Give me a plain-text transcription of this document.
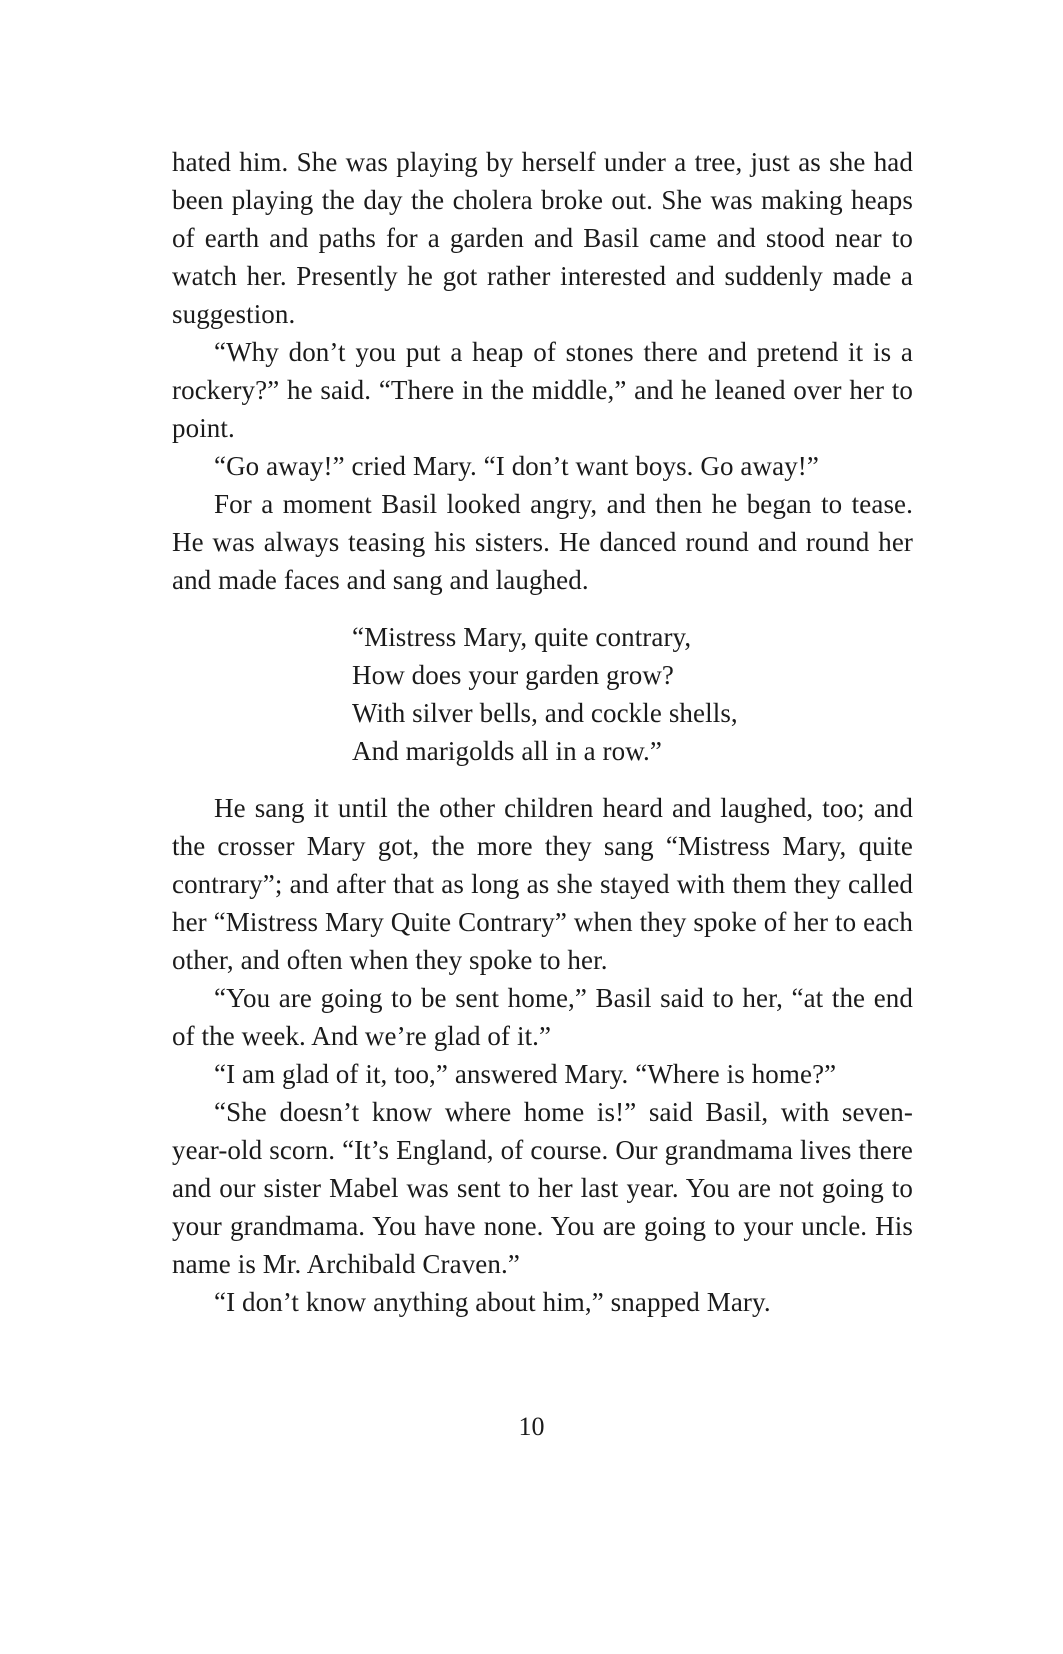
hated him. She was playing by herself under a tree, just as she had been playing the day the cholera broke out. She was making heaps of earth and paths for a garden and Basil came and stood near to watch her. Presently he got rather interested and suddenly made a suggestion.

“Why don’t you put a heap of stones there and pretend it is a rockery?” he said. “There in the middle,” and he leaned over her to point.

“Go away!” cried Mary. “I don’t want boys. Go away!”

For a moment Basil looked angry, and then he began to tease. He was always teasing his sisters. He danced round and round her and made faces and sang and laughed.

“Mistress Mary, quite contrary,
How does your garden grow?
With silver bells, and cockle shells,
And marigolds all in a row.”

He sang it until the other children heard and laughed, too; and the crosser Mary got, the more they sang “Mistress Mary, quite contrary”; and after that as long as she stayed with them they called her “Mistress Mary Quite Contrary” when they spoke of her to each other, and often when they spoke to her.

“You are going to be sent home,” Basil said to her, “at the end of the week. And we’re glad of it.”

“I am glad of it, too,” answered Mary. “Where is home?”

“She doesn’t know where home is!” said Basil, with seven-year-old scorn. “It’s England, of course. Our grandmama lives there and our sister Mabel was sent to her last year. You are not going to your grandmama. You have none. You are going to your uncle. His name is Mr. Archibald Craven.”

“I don’t know anything about him,” snapped Mary.

10
